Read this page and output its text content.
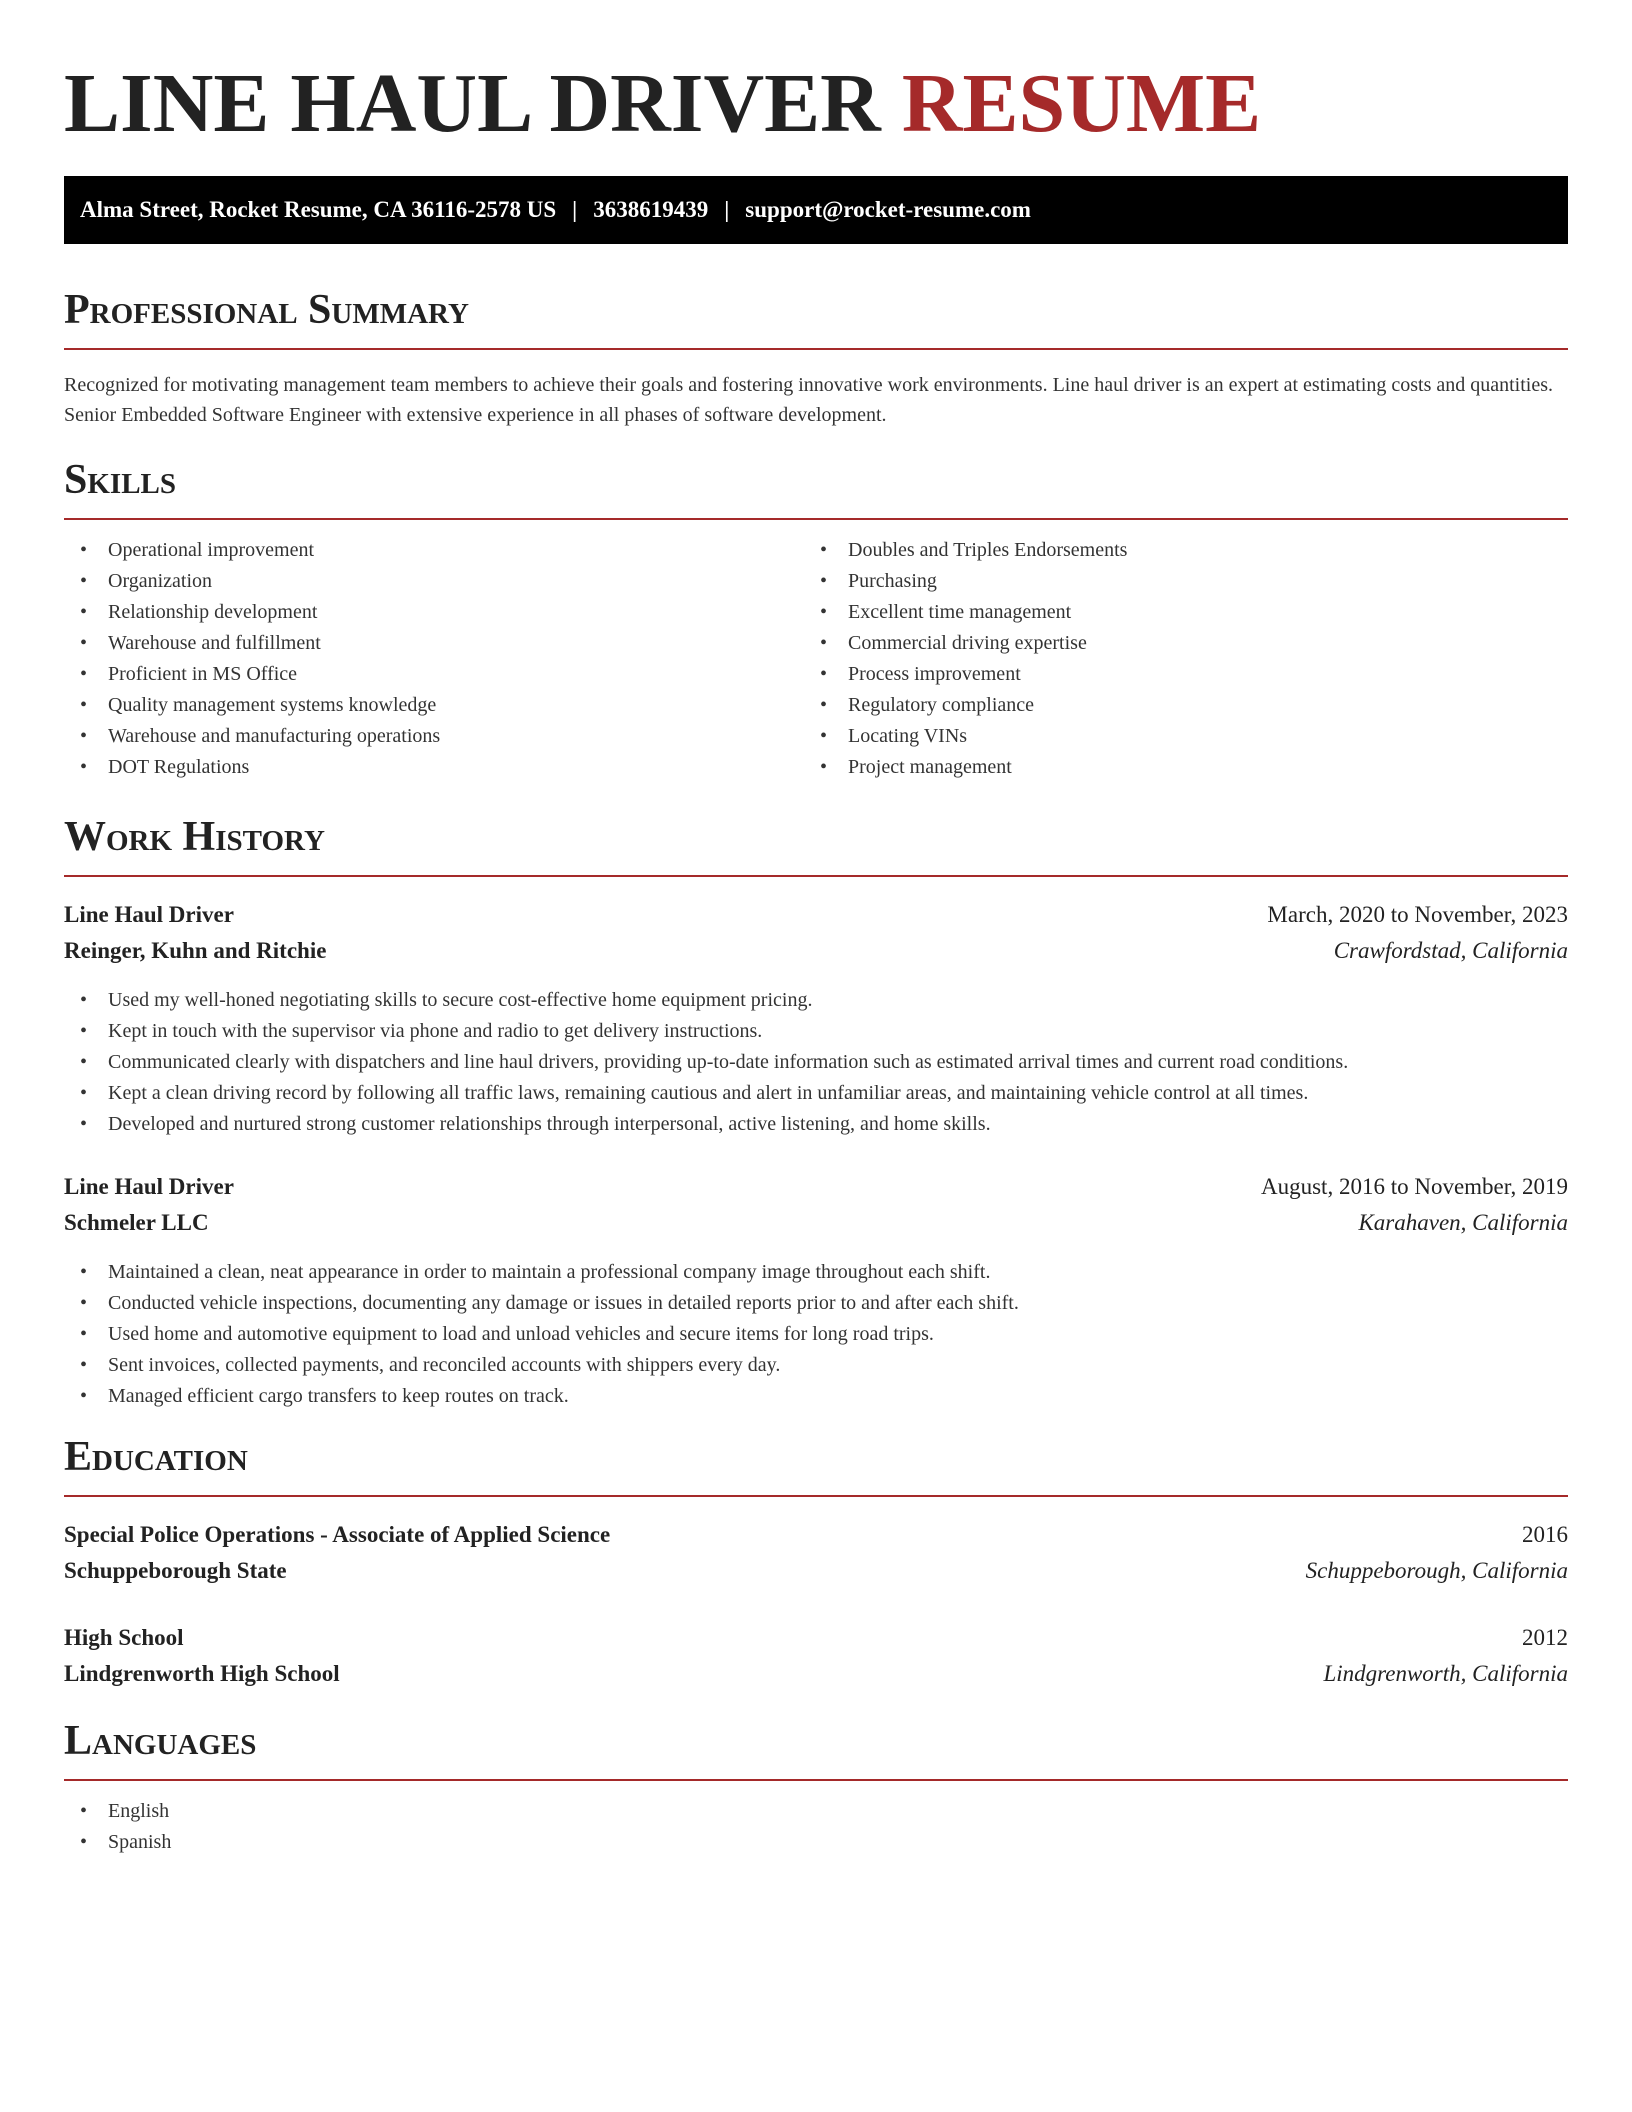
LINE HAUL DRIVER RESUME
Alma Street, Rocket Resume, CA 36116-2578 US | 3638619439 | support@rocket-resume.com
Professional Summary

Recognized for motivating management team members to achieve their goals and fostering innovative work environments. Line haul driver is an expert at estimating costs and quantities. Senior Embedded Software Engineer with extensive experience in all phases of software development.

Skills
• Operational improvement
• Organization
• Relationship development
• Warehouse and fulfillment
• Proficient in MS Office
• Quality management systems knowledge
• Warehouse and manufacturing operations
• DOT Regulations
• Doubles and Triples Endorsements
• Purchasing
• Excellent time management
• Commercial driving expertise
• Process improvement
• Regulatory compliance
• Locating VINs
• Project management
Work History
Line Haul Driver	March, 2020 to November, 2023
Reinger, Kuhn and Ritchie	Crawfordstad, California
• Used my well-honed negotiating skills to secure cost-effective home equipment pricing.
• Kept in touch with the supervisor via phone and radio to get delivery instructions.
• Communicated clearly with dispatchers and line haul drivers, providing up-to-date information such as estimated arrival times and current road conditions.
• Kept a clean driving record by following all traffic laws, remaining cautious and alert in unfamiliar areas, and maintaining vehicle control at all times.
• Developed and nurtured strong customer relationships through interpersonal, active listening, and home skills.
Line Haul Driver	August, 2016 to November, 2019
Schmeler LLC	Karahaven, California
• Maintained a clean, neat appearance in order to maintain a professional company image throughout each shift.
• Conducted vehicle inspections, documenting any damage or issues in detailed reports prior to and after each shift.
• Used home and automotive equipment to load and unload vehicles and secure items for long road trips.
• Sent invoices, collected payments, and reconciled accounts with shippers every day.
• Managed efficient cargo transfers to keep routes on track.
Education
Special Police Operations - Associate of Applied Science	2016
Schuppeborough State	Schuppeborough, California
High School	2012
Lindgrenworth High School	Lindgrenworth, California
Languages
• English
• Spanish
